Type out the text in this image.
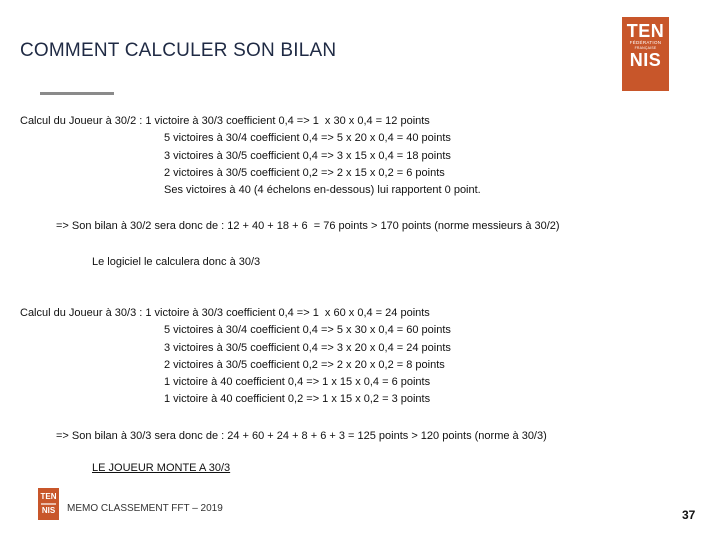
COMMENT CALCULER SON BILAN
TEN
FÉDÉRATION
FRANÇAISE
NIS
Calcul du Joueur à 30/2 : 1 victoire à 30/3 coefficient 0,4 => 1  x 30 x 0,4 = 12 points
5 victoires à 30/4 coefficient 0,4 => 5 x 20 x 0,4 = 40 points
3 victoires à 30/5 coefficient 0,4 => 3 x 15 x 0,4 = 18 points
2 victoires à 30/5 coefficient 0,2 => 2 x 15 x 0,2 = 6 points
Ses victoires à 40 (4 échelons en-dessous) lui rapportent 0 point.
=> Son bilan à 30/2 sera donc de : 12 + 40 + 18 + 6  = 76 points > 170 points (norme messieurs à 30/2)
Le logiciel le calculera donc à 30/3
Calcul du Joueur à 30/3 : 1 victoire à 30/3 coefficient 0,4 => 1  x 60 x 0,4 = 24 points
5 victoires à 30/4 coefficient 0,4 => 5 x 30 x 0,4 = 60 points
3 victoires à 30/5 coefficient 0,4 => 3 x 20 x 0,4 = 24 points
2 victoires à 30/5 coefficient 0,2 => 2 x 20 x 0,2 = 8 points
1 victoire à 40 coefficient 0,4 => 1 x 15 x 0,4 = 6 points
1 victoire à 40 coefficient 0,2 => 1 x 15 x 0,2 = 3 points
=> Son bilan à 30/3 sera donc de : 24 + 60 + 24 + 8 + 6 + 3 = 125 points > 120 points (norme à 30/3)
LE JOUEUR MONTE A 30/3
TEN
NIS	MEMO CLASSEMENT FFT – 2019	37
